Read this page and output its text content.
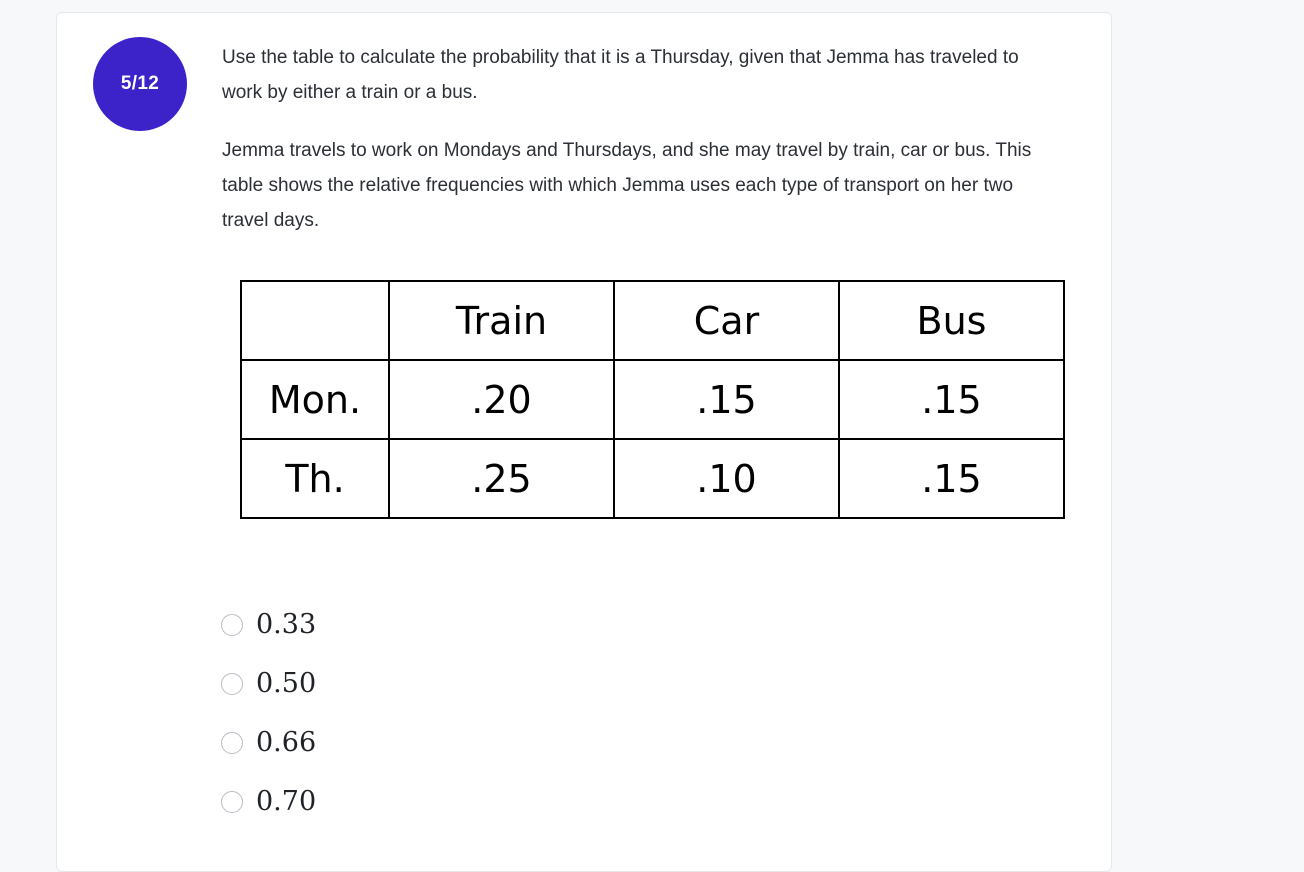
5/12

Use the table to calculate the probability that it is a Thursday, given that Jemma has traveled to work by either a train or a bus.

Jemma travels to work on Mondays and Thursdays, and she may travel by train, car or bus. This table shows the relative frequencies with which Jemma uses each type of transport on her two travel days.

	Train	Car	Bus
Mon.	.20	.15	.15
Th.	.25	.10	.15
0.33
0.50
0.66
0.70
